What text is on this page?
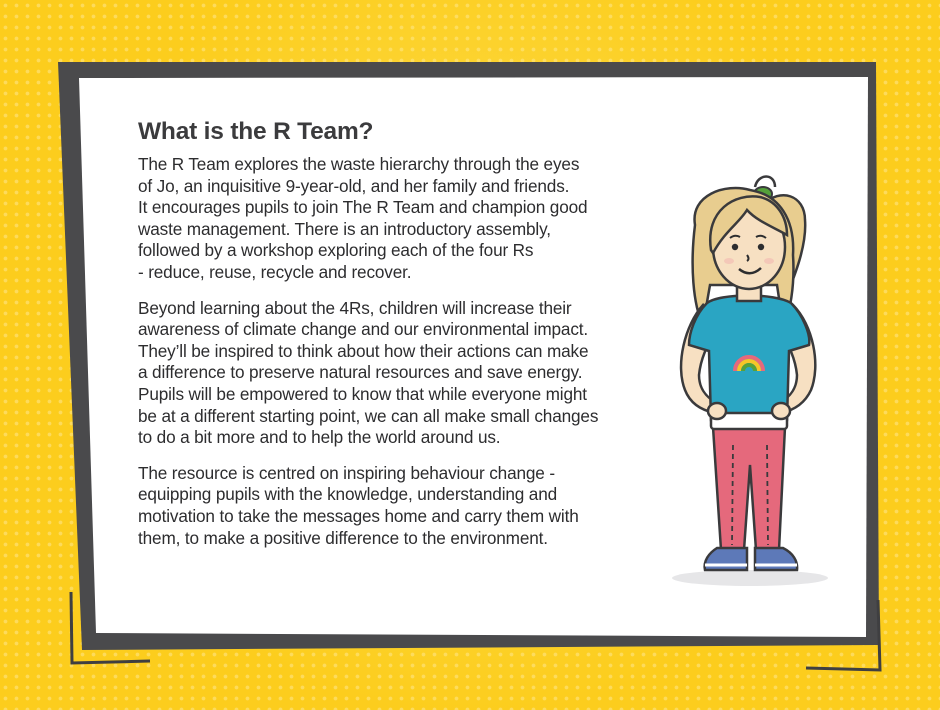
What is the R Team?

The R Team explores the waste hierarchy through the eyes
of Jo, an inquisitive 9-year-old, and her family and friends.
It encourages pupils to join The R Team and champion good
waste management. There is an introductory assembly,
followed by a workshop exploring each of the four Rs
- reduce, reuse, recycle and recover.

Beyond learning about the 4Rs, children will increase their
awareness of climate change and our environmental impact.
They’ll be inspired to think about how their actions can make
a difference to preserve natural resources and save energy.
Pupils will be empowered to know that while everyone might
be at a different starting point, we can all make small changes
to do a bit more and to help the world around us.

The resource is centred on inspiring behaviour change -
equipping pupils with the knowledge, understanding and
motivation to take the messages home and carry them with
them, to make a positive difference to the environment.
